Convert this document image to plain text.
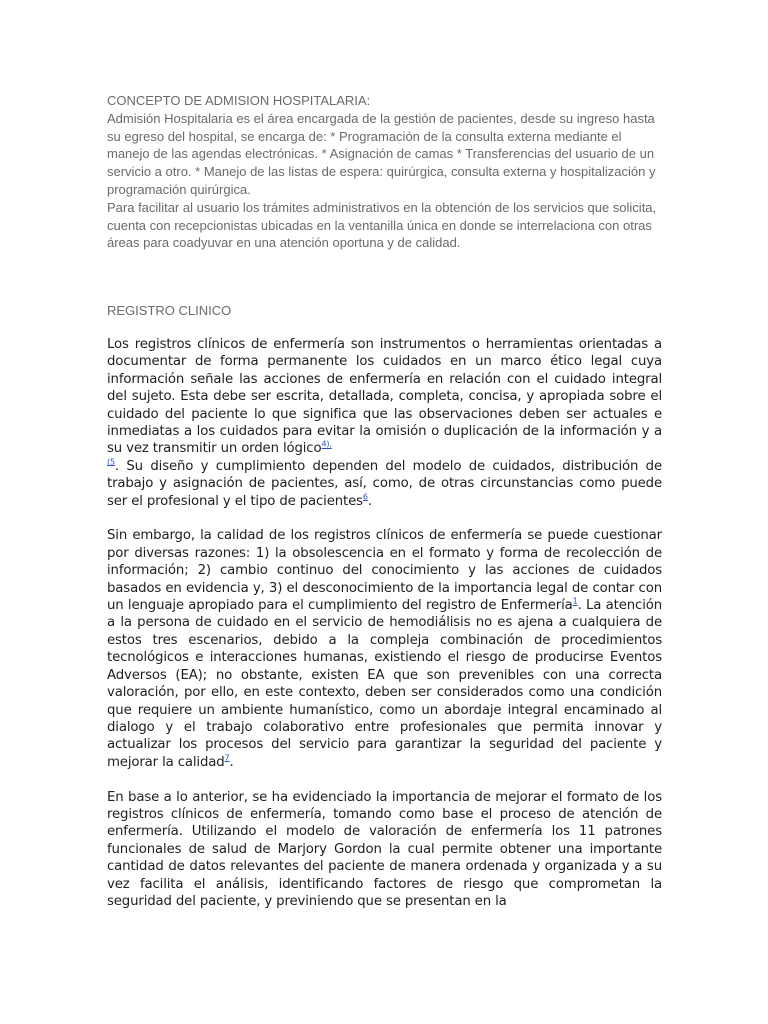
CONCEPTO DE ADMISION HOSPITALARIA:

Admisión Hospitalaria es el área encargada de la gestión de pacientes, desde su ingreso hasta su egreso del hospital, se encarga de: * Programación de la consulta externa mediante el manejo de las agendas electrónicas. * Asignación de camas * Transferencias del usuario de un servicio a otro. * Manejo de las listas de espera: quirúrgica, consulta externa y hospitalización y programación quirúrgica.

Para facilitar al usuario los trámites administrativos en la obtención de los servicios que solicita, cuenta con recepcionistas ubicadas en la ventanilla única en donde se interrelaciona con otras áreas para coadyuvar en una atención oportuna y de calidad.

REGISTRO CLINICO

Los registros clínicos de enfermería son instrumentos o herramientas orientadas a documentar de forma permanente los cuidados en un marco ético legal cuya información señale las acciones de enfermería en relación con el cuidado integral del sujeto. Esta debe ser escrita, detallada, completa, concisa, y apropiada sobre el cuidado del paciente lo que significa que las observaciones deben ser actuales e inmediatas a los cuidados para evitar la omisión o duplicación de la información y a su vez transmitir un orden lógico$^{4),}$
$^{(5}$. Su diseño y cumplimiento dependen del modelo de cuidados, distribución de trabajo y asignación de pacientes, así, como, de otras circunstancias como puede ser el profesional y el tipo de pacientes$^6$.

Sin embargo, la calidad de los registros clínicos de enfermería se puede cuestionar por diversas razones: 1) la obsolescencia en el formato y forma de recolección de información; 2) cambio continuo del conocimiento y las acciones de cuidados basados en evidencia y, 3) el desconocimiento de la importancia legal de contar con un lenguaje apropiado para el cumplimiento del registro de Enfermería$^1$. La atención a la persona de cuidado en el servicio de hemodiálisis no es ajena a cualquiera de estos tres escenarios, debido a la compleja combinación de procedimientos tecnológicos e interacciones humanas, existiendo el riesgo de producirse Eventos Adversos (EA); no obstante, existen EA que son prevenibles con una correcta valoración, por ello, en este contexto, deben ser considerados como una condición que requiere un ambiente humanístico, como un abordaje integral encaminado al dialogo y el trabajo colaborativo entre profesionales que permita innovar y actualizar los procesos del servicio para garantizar la seguridad del paciente y mejorar la calidad$^7$.

En base a lo anterior, se ha evidenciado la importancia de mejorar el formato de los registros clínicos de enfermería, tomando como base el proceso de atención de enfermería. Utilizando el modelo de valoración de enfermería los 11 patrones funcionales de salud de Marjory Gordon la cual permite obtener una importante cantidad de datos relevantes del paciente de manera ordenada y organizada y a su vez facilita el análisis, identificando factores de riesgo que comprometan la seguridad del paciente, y previniendo que se presentan en la
